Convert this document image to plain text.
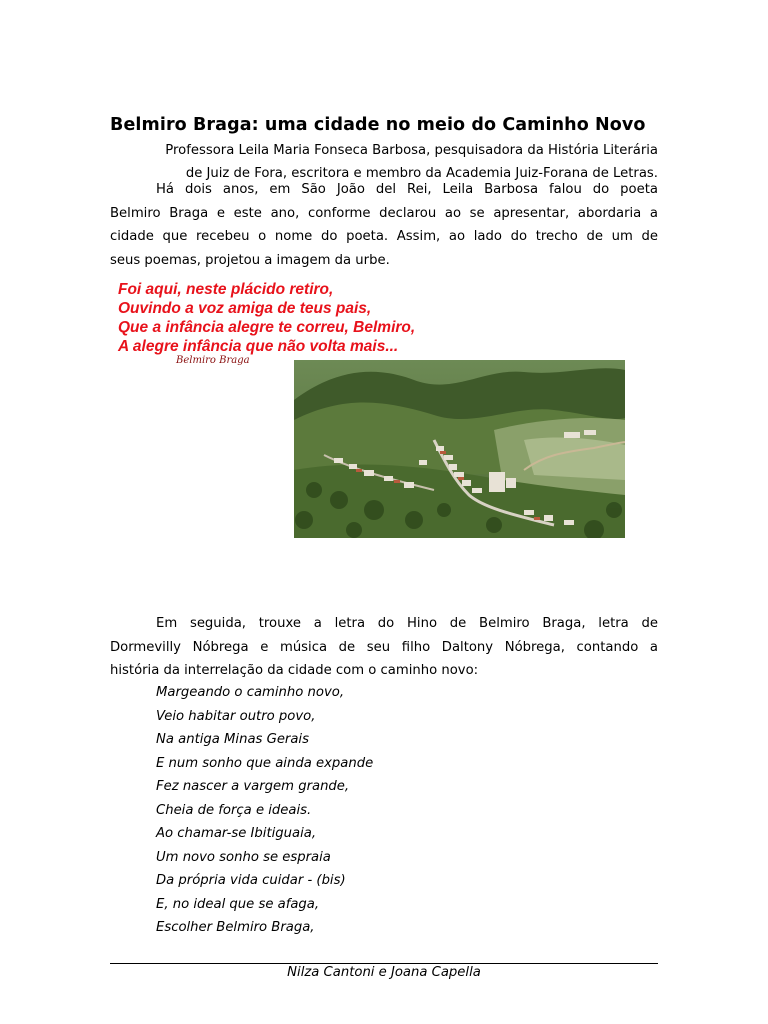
Belmiro Braga: uma cidade no meio do Caminho Novo
Professora Leila Maria Fonseca Barbosa, pesquisadora da História Literária
de Juiz de Fora, escritora e membro da Academia Juiz-Forana de Letras.
Há dois anos, em São João del Rei, Leila Barbosa falou do poeta
Belmiro Braga e este ano, conforme declarou ao se apresentar, abordaria a
cidade que recebeu o nome do poeta. Assim, ao lado do trecho de um de
seus poemas, projetou a imagem da urbe.
Foi aqui, neste plácido retiro,
Ouvindo a voz amiga de teus pais,
Que a infância alegre te correu, Belmiro,
A alegre infância que não volta mais...
Belmiro Braga
Em seguida, trouxe a letra do Hino de Belmiro Braga, letra de
Dormevilly Nóbrega e música de seu filho Daltony Nóbrega, contando a
história da interrelação da cidade com o caminho novo:
Margeando o caminho novo,
Veio habitar outro povo,
Na antiga Minas Gerais
E num sonho que ainda expande
Fez nascer a vargem grande,
Cheia de força e ideais.
Ao chamar-se Ibitiguaia,
Um novo sonho se espraia
Da própria vida cuidar - (bis)
E, no ideal que se afaga,
Escolher Belmiro Braga,
Nilza Cantoni e Joana Capella
